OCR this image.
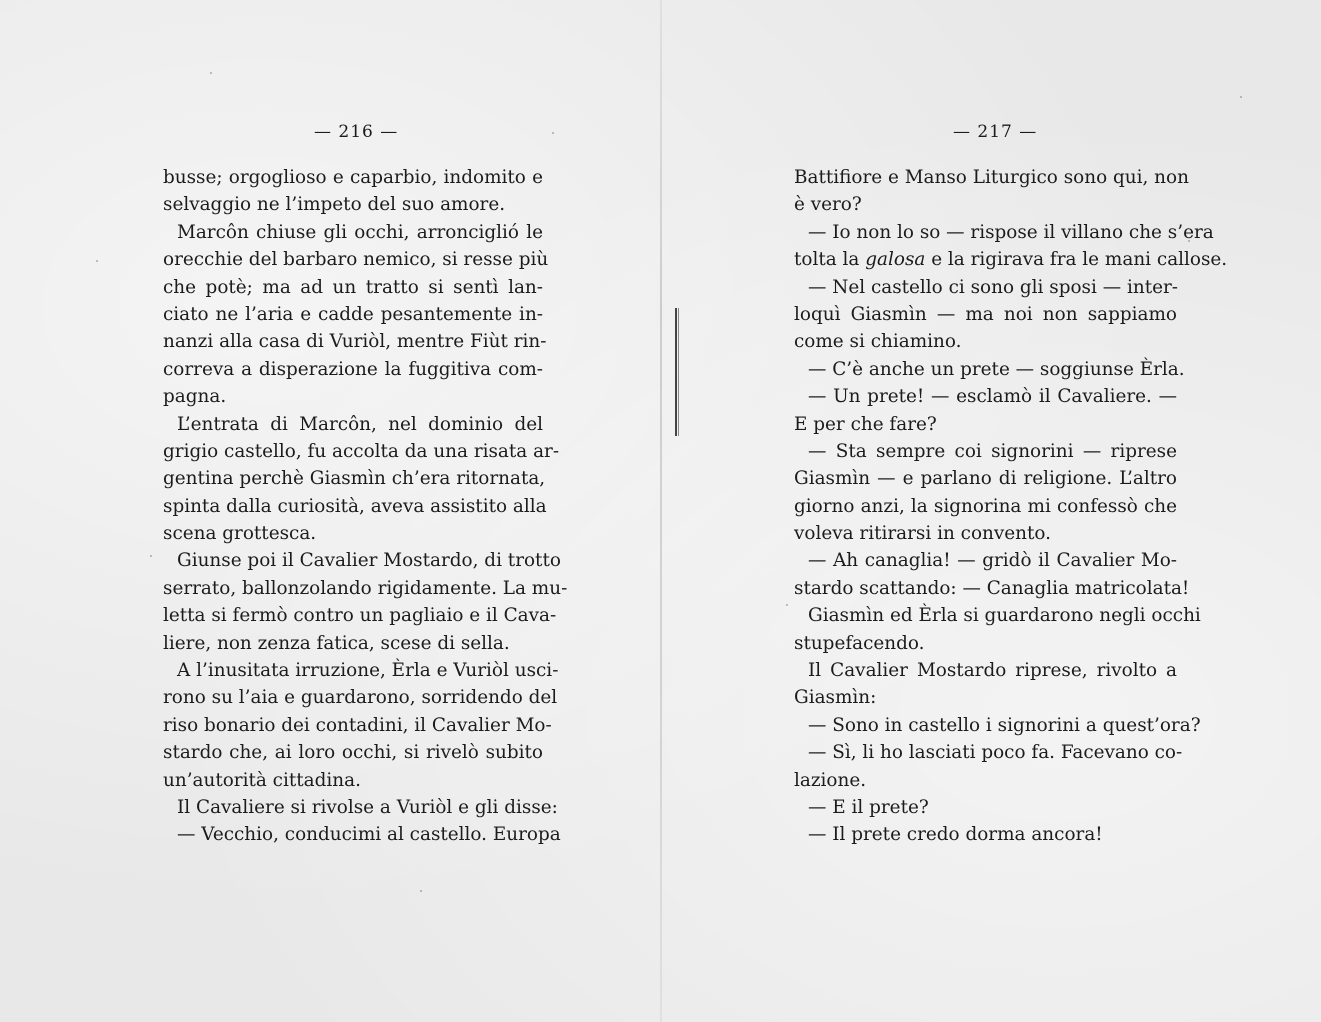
— 216 —
busse; orgoglioso e caparbio, indomito e
selvaggio ne l’impeto del suo amore.
Marcôn chiuse gli occhi, arronciglió le
orecchie del barbaro nemico, si resse più
che potè; ma ad un tratto si sentì lan-
ciato ne l’aria e cadde pesantemente in-
nanzi alla casa di Vuriòl, mentre Fiùt rin-
correva a disperazione la fuggitiva com-
pagna.
L’entrata di Marcôn, nel dominio del
grigio castello, fu accolta da una risata ar-
gentina perchè Giasmìn ch’era ritornata,
spinta dalla curiosità, aveva assistito alla
scena grottesca.
Giunse poi il Cavalier Mostardo, di trotto
serrato, ballonzolando rigidamente. La mu-
letta si fermò contro un pagliaio e il Cava-
liere, non zenza fatica, scese di sella.
A l’inusitata irruzione, Èrla e Vuriòl usci-
rono su l’aia e guardarono, sorridendo del
riso bonario dei contadini, il Cavalier Mo-
stardo che, ai loro occhi, si rivelò subito
un’autorità cittadina.
Il Cavaliere si rivolse a Vuriòl e gli disse:
— Vecchio, conducimi al castello. Europa
— 217 —
Battifiore e Manso Liturgico sono qui, non
è vero?
— Io non lo so — rispose il villano che s’era
tolta la galosa e la rigirava fra le mani callose.
— Nel castello ci sono gli sposi — inter-
loquì Giasmìn — ma noi non sappiamo
come si chiamino.
— C’è anche un prete — soggiunse Èrla.
— Un prete! — esclamò il Cavaliere. —
E per che fare?
— Sta sempre coi signorini — riprese
Giasmìn — e parlano di religione. L’altro
giorno anzi, la signorina mi confessò che
voleva ritirarsi in convento.
— Ah canaglia! — gridò il Cavalier Mo-
stardo scattando: — Canaglia matricolata!
Giasmìn ed Èrla si guardarono negli occhi
stupefacendo.
Il Cavalier Mostardo riprese, rivolto a
Giasmìn:
— Sono in castello i signorini a quest’ora?
— Sì, li ho lasciati poco fa. Facevano co-
lazione.
— E il prete?
— Il prete credo dorma ancora!
